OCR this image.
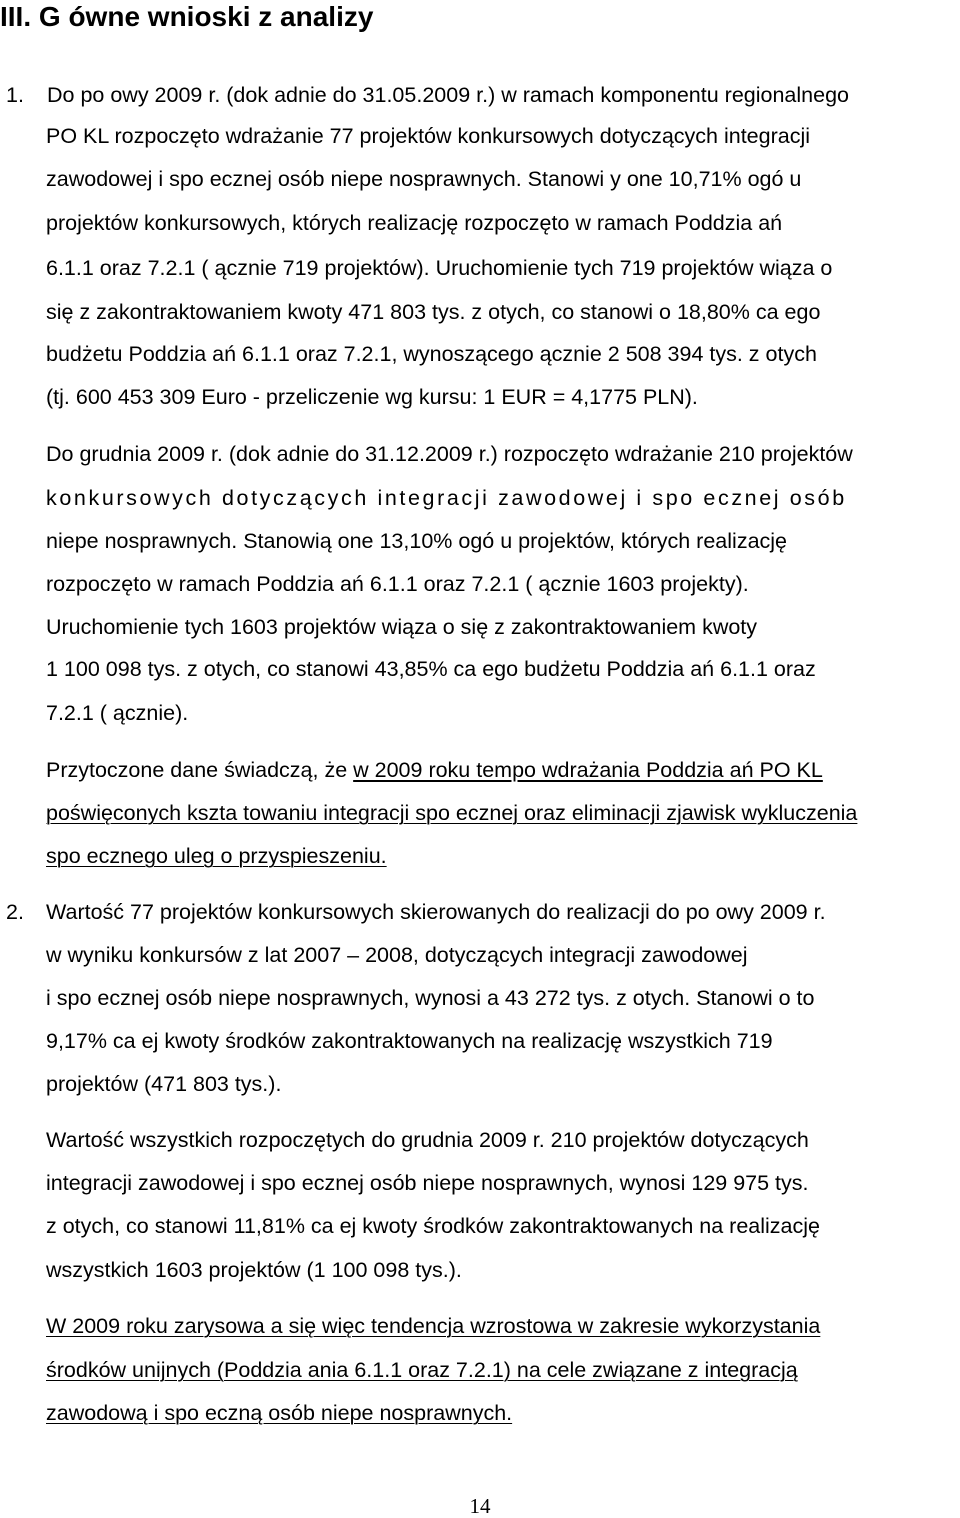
III. G ówne wnioski z analizy
1. Do po owy 2009 r. (dok adnie do 31.05.2009 r.) w ramach komponentu regionalnego
PO KL rozpoczęto wdrażanie 77 projektów konkursowych dotyczących integracji
zawodowej i spo ecznej osób niepe nosprawnych. Stanowi y one 10,71% ogó u
projektów konkursowych, których realizację rozpoczęto w ramach Poddzia ań
6.1.1 oraz 7.2.1 ( ącznie 719 projektów). Uruchomienie tych 719 projektów wiąza o
się z zakontraktowaniem kwoty 471 803 tys. z otych, co stanowi o 18,80% ca ego
budżetu Poddzia ań 6.1.1 oraz 7.2.1, wynoszącego ącznie 2 508 394 tys. z otych
(tj. 600 453 309 Euro - przeliczenie wg kursu: 1 EUR = 4,1775 PLN).
Do grudnia 2009 r. (dok adnie do 31.12.2009 r.) rozpoczęto wdrażanie 210 projektów
konkursowych dotyczących integracji zawodowej i spo ecznej osób
niepe nosprawnych. Stanowią one 13,10% ogó u projektów, których realizację
rozpoczęto w ramach Poddzia ań 6.1.1 oraz 7.2.1 ( ącznie 1603 projekty).
Uruchomienie tych 1603 projektów wiąza o się z zakontraktowaniem kwoty
1 100 098 tys. z otych, co stanowi 43,85% ca ego budżetu Poddzia ań 6.1.1 oraz
7.2.1 ( ącznie).
Przytoczone dane świadczą, że w 2009 roku tempo wdrażania Poddzia ań PO KL
poświęconych kszta towaniu integracji spo ecznej oraz eliminacji zjawisk wykluczenia
spo ecznego uleg o przyspieszeniu.
2. Wartość 77 projektów konkursowych skierowanych do realizacji do po owy 2009 r.
w wyniku konkursów z lat 2007 – 2008, dotyczących integracji zawodowej
i spo ecznej osób niepe nosprawnych, wynosi a 43 272 tys. z otych. Stanowi o to
9,17% ca ej kwoty środków zakontraktowanych na realizację wszystkich 719
projektów (471 803 tys.).
Wartość wszystkich rozpoczętych do grudnia 2009 r. 210 projektów dotyczących
integracji zawodowej i spo ecznej osób niepe nosprawnych, wynosi 129 975 tys.
z otych, co stanowi 11,81% ca ej kwoty środków zakontraktowanych na realizację
wszystkich 1603 projektów (1 100 098 tys.).
W 2009 roku zarysowa a się więc tendencja wzrostowa w zakresie wykorzystania
środków unijnych (Poddzia ania 6.1.1 oraz 7.2.1) na cele związane z integracją
zawodową i spo eczną osób niepe nosprawnych.
14
